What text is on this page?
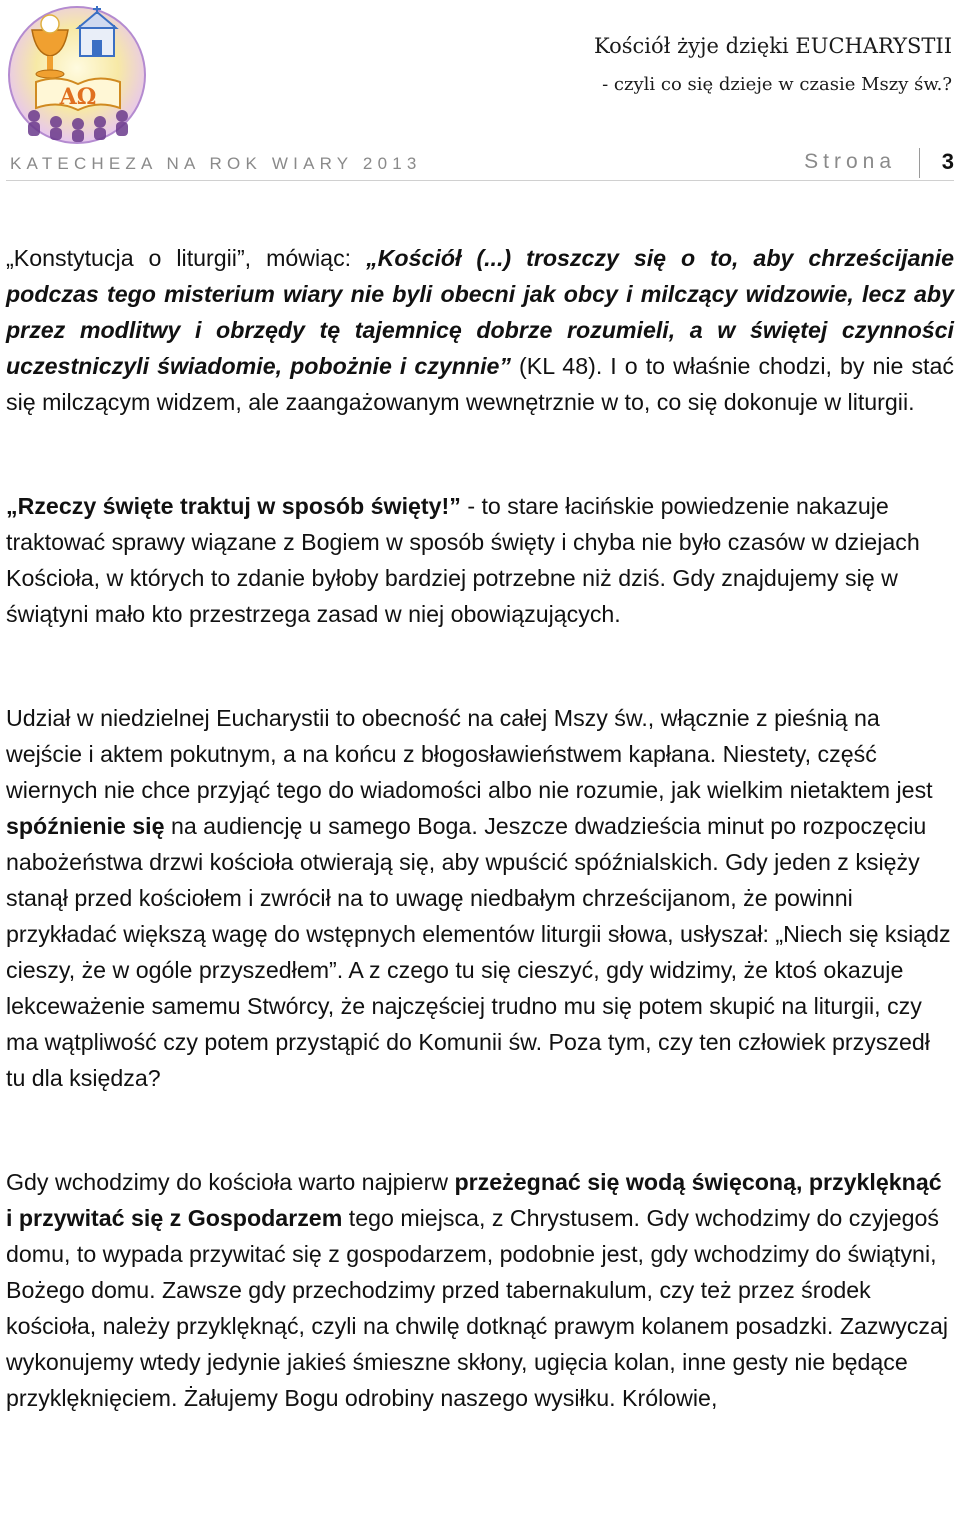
AΩ
Kościół żyje dzięki EUCHARYSTII
- czyli co się dzieje w czasie Mszy św.?
KATECHEZA NA ROK WIARY 2013	Strona 3

„Konstytucja o liturgii”, mówiąc: „Kościół (...) troszczy się o to, aby chrześcijanie podczas tego misterium wiary nie byli obecni jak obcy i milczący widzowie, lecz aby przez modlitwy i obrzędy tę tajemnicę dobrze rozumieli, a w świętej czynności uczestniczyli świadomie, pobożnie i czynnie” (KL 48). I o to właśnie chodzi, by nie stać się milczącym widzem, ale zaangażowanym wewnętrznie w to, co się dokonuje w liturgii.

„Rzeczy święte traktuj w sposób święty!” - to stare łacińskie powiedzenie nakazuje traktować sprawy wiązane z Bogiem w sposób święty i chyba nie było czasów w dziejach Kościoła, w których to zdanie byłoby bardziej potrzebne niż dziś. Gdy znajdujemy się w świątyni mało kto przestrzega zasad w niej obowiązujących.

Udział w niedzielnej Eucharystii to obecność na całej Mszy św., włącznie z pieśnią na wejście i aktem pokutnym, a na końcu z błogosławieństwem kapłana. Niestety, część wiernych nie chce przyjąć tego do wiadomości albo nie rozumie, jak wielkim nietaktem jest spóźnienie się na audiencję u samego Boga. Jeszcze dwadzieścia minut po rozpoczęciu nabożeństwa drzwi kościoła otwierają się, aby wpuścić spóźnialskich. Gdy jeden z księży stanął przed kościołem i zwrócił na to uwagę niedbałym chrześcijanom, że powinni przykładać większą wagę do wstępnych elementów liturgii słowa, usłyszał: „Niech się ksiądz cieszy, że w ogóle przyszedłem”. A z czego tu się cieszyć, gdy widzimy, że ktoś okazuje lekceważenie samemu Stwórcy, że najczęściej trudno mu się potem skupić na liturgii, czy ma wątpliwość czy potem przystąpić do Komunii św. Poza tym, czy ten człowiek przyszedł tu dla księdza?

Gdy wchodzimy do kościoła warto najpierw przeżegnać się wodą święconą, przyklęknąć i przywitać się z Gospodarzem tego miejsca, z Chrystusem. Gdy wchodzimy do czyjegoś domu, to wypada przywitać się z gospodarzem, podobnie jest, gdy wchodzimy do świątyni, Bożego domu. Zawsze gdy przechodzimy przed tabernakulum, czy też przez środek kościoła, należy przyklęknąć, czyli na chwilę dotknąć prawym kolanem posadzki. Zazwyczaj wykonujemy wtedy jedynie jakieś śmieszne skłony, ugięcia kolan, inne gesty nie będące przyklęknięciem. Żałujemy Bogu odrobiny naszego wysiłku. Królowie,
